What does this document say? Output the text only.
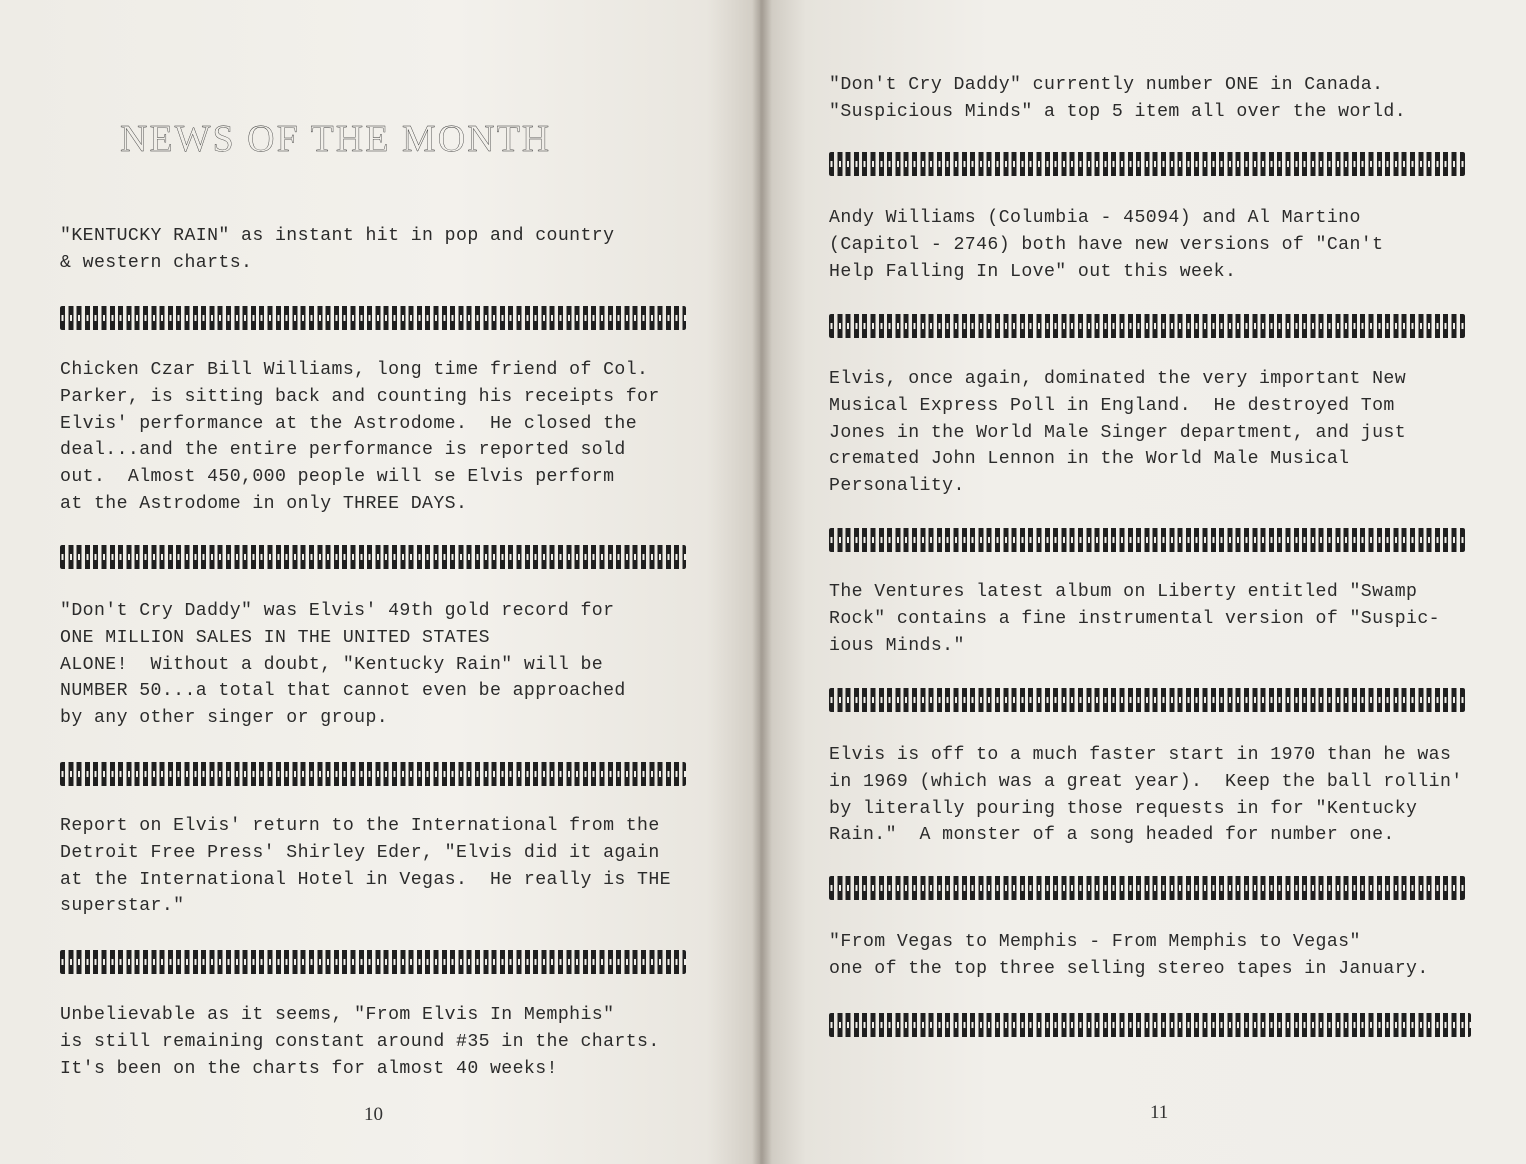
NEWS OF THE MONTH

"KENTUCKY RAIN" as instant hit in pop and country
& western charts.

Chicken Czar Bill Williams, long time friend of Col.
Parker, is sitting back and counting his receipts for
Elvis' performance at the Astrodome.  He closed the
deal...and the entire performance is reported sold
out.  Almost 450,000 people will se Elvis perform
at the Astrodome in only THREE DAYS.

"Don't Cry Daddy" was Elvis' 49th gold record for
ONE MILLION SALES IN THE UNITED STATES
ALONE!  Without a doubt, "Kentucky Rain" will be
NUMBER 50...a total that cannot even be approached
by any other singer or group.

Report on Elvis' return to the International from the
Detroit Free Press' Shirley Eder, "Elvis did it again
at the International Hotel in Vegas.  He really is THE
superstar."

Unbelievable as it seems, "From Elvis In Memphis"
is still remaining constant around #35 in the charts.
It's been on the charts for almost 40 weeks!

10

"Don't Cry Daddy" currently number ONE in Canada.
"Suspicious Minds" a top 5 item all over the world.

Andy Williams (Columbia - 45094) and Al Martino
(Capitol - 2746) both have new versions of "Can't
Help Falling In Love" out this week.

Elvis, once again, dominated the very important New
Musical Express Poll in England.  He destroyed Tom
Jones in the World Male Singer department, and just
cremated John Lennon in the World Male Musical
Personality.

The Ventures latest album on Liberty entitled "Swamp
Rock" contains a fine instrumental version of "Suspic-
ious Minds."

Elvis is off to a much faster start in 1970 than he was
in 1969 (which was a great year).  Keep the ball rollin'
by literally pouring those requests in for "Kentucky
Rain."  A monster of a song headed for number one.

"From Vegas to Memphis - From Memphis to Vegas"
one of the top three selling stereo tapes in January.

11
